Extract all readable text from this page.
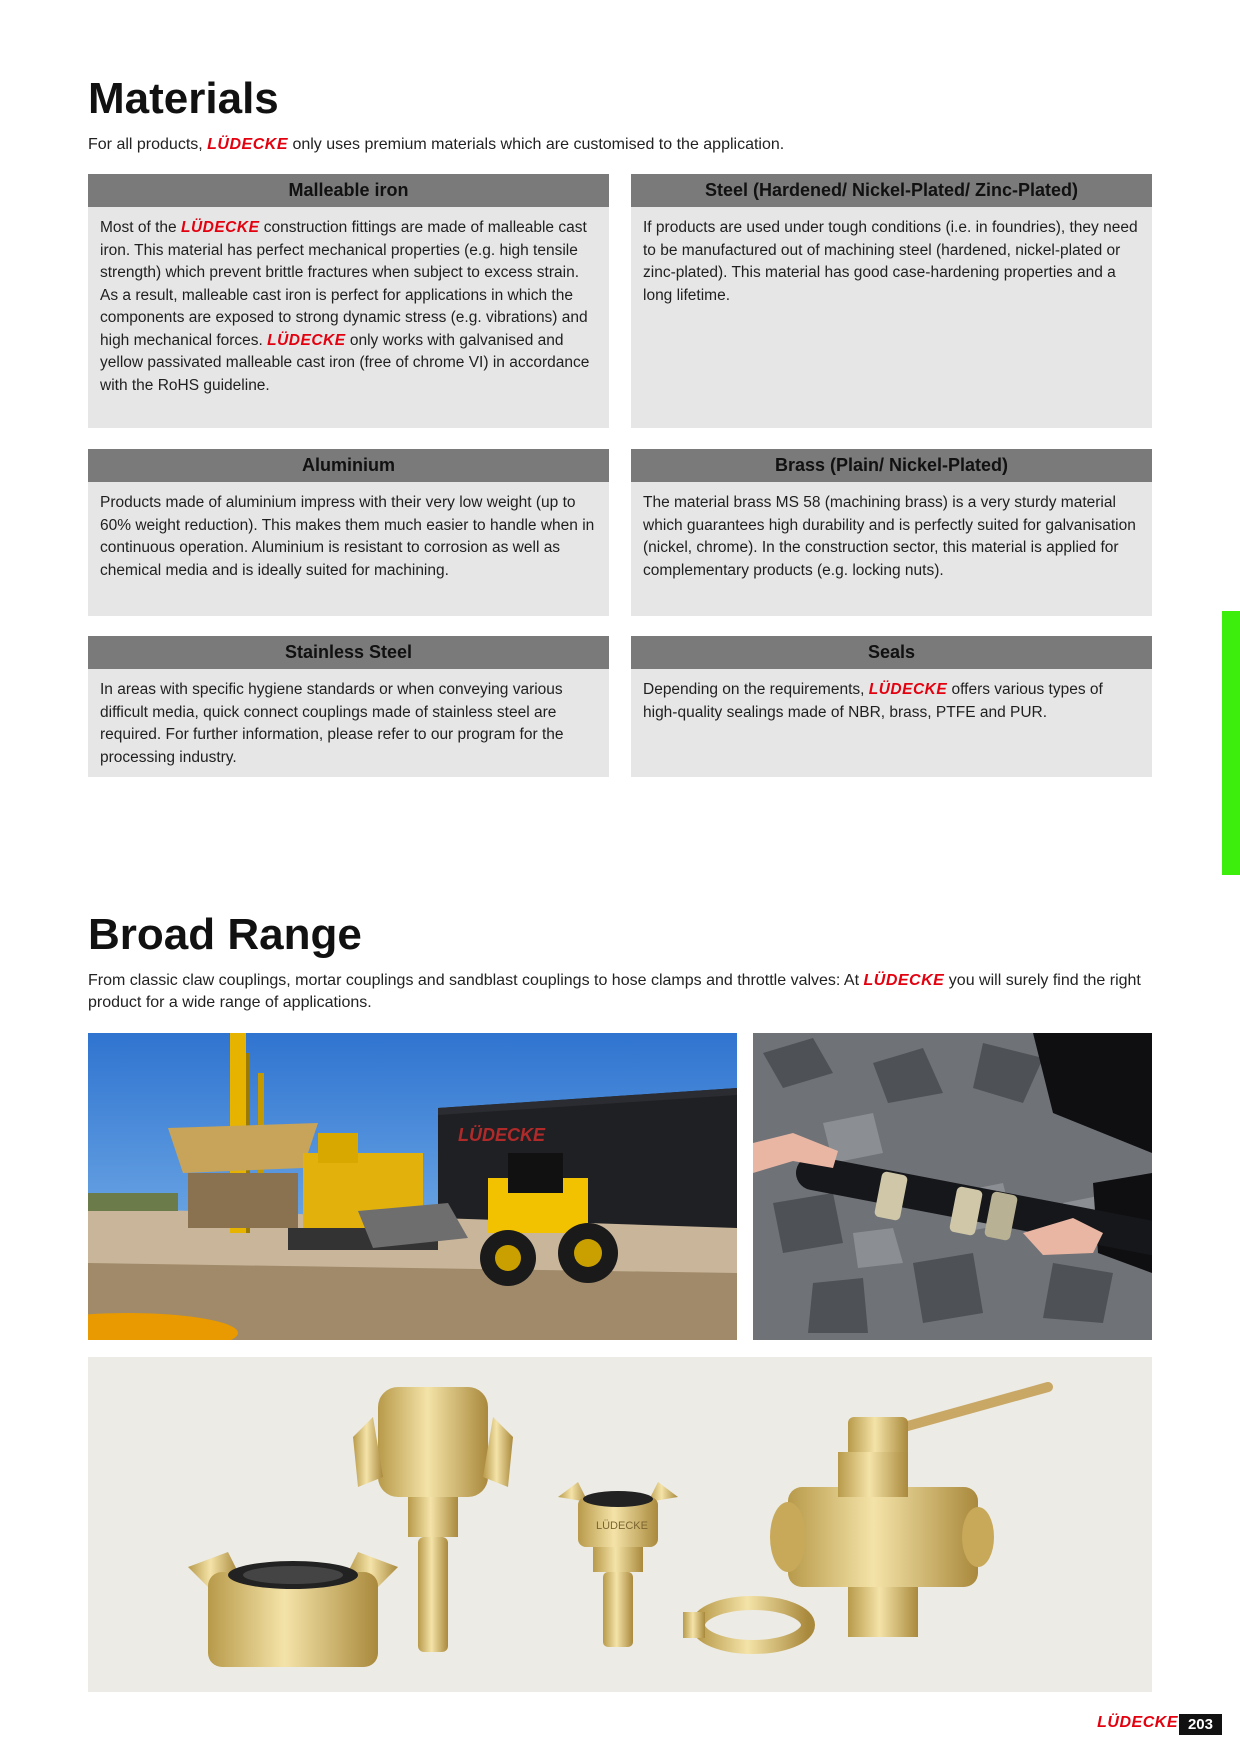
Materials

For all products, LÜDECKE only uses premium materials which are customised to the application.

Malleable iron
Most of the LÜDECKE construction fittings are made of malleable cast iron. This material has perfect mechanical properties (e.g. high tensile strength) which prevent brittle fractures when subject to excess strain. As a result, malleable cast iron is perfect for applications in which the components are exposed to strong dynamic stress (e.g. vibrations) and high mechanical forces. LÜDECKE only works with galvanised and yellow passivated malleable cast iron (free of chrome VI) in accordance with the RoHS guideline.
Steel (Hardened/ Nickel-Plated/ Zinc-Plated)
If products are used under tough conditions (i.e. in foundries), they need to be manufactured out of machining steel (hardened, nickel-plated or zinc-plated). This material has good case-hardening properties and a long lifetime.
Aluminium
Products made of aluminium impress with their very low weight (up to 60% weight reduction). This makes them much easier to handle when in continuous operation. Aluminium is resistant to corrosion as well as chemical media and is ideally suited for machining.
Brass (Plain/ Nickel-Plated)
The material brass MS 58 (machining brass) is a very sturdy material which guarantees high durability and is perfectly suited for galvanisation (nickel, chrome). In the construction sector, this material is applied for complementary products (e.g. locking nuts).
Stainless Steel
In areas with specific hygiene standards or when conveying various difficult media, quick connect couplings made of stainless steel are required. For further information, please refer to our program for the processing industry.
Seals
Depending on the requirements, LÜDECKE offers various types of high-quality sealings made of NBR, brass, PTFE and PUR.
Broad Range

From classic claw couplings, mortar couplings and sandblast couplings to hose clamps and throttle valves: At LÜDECKE you will surely find the right product for a wide range of applications.

LÜDECKE
LÜDECKE
LÜDECKE 203
